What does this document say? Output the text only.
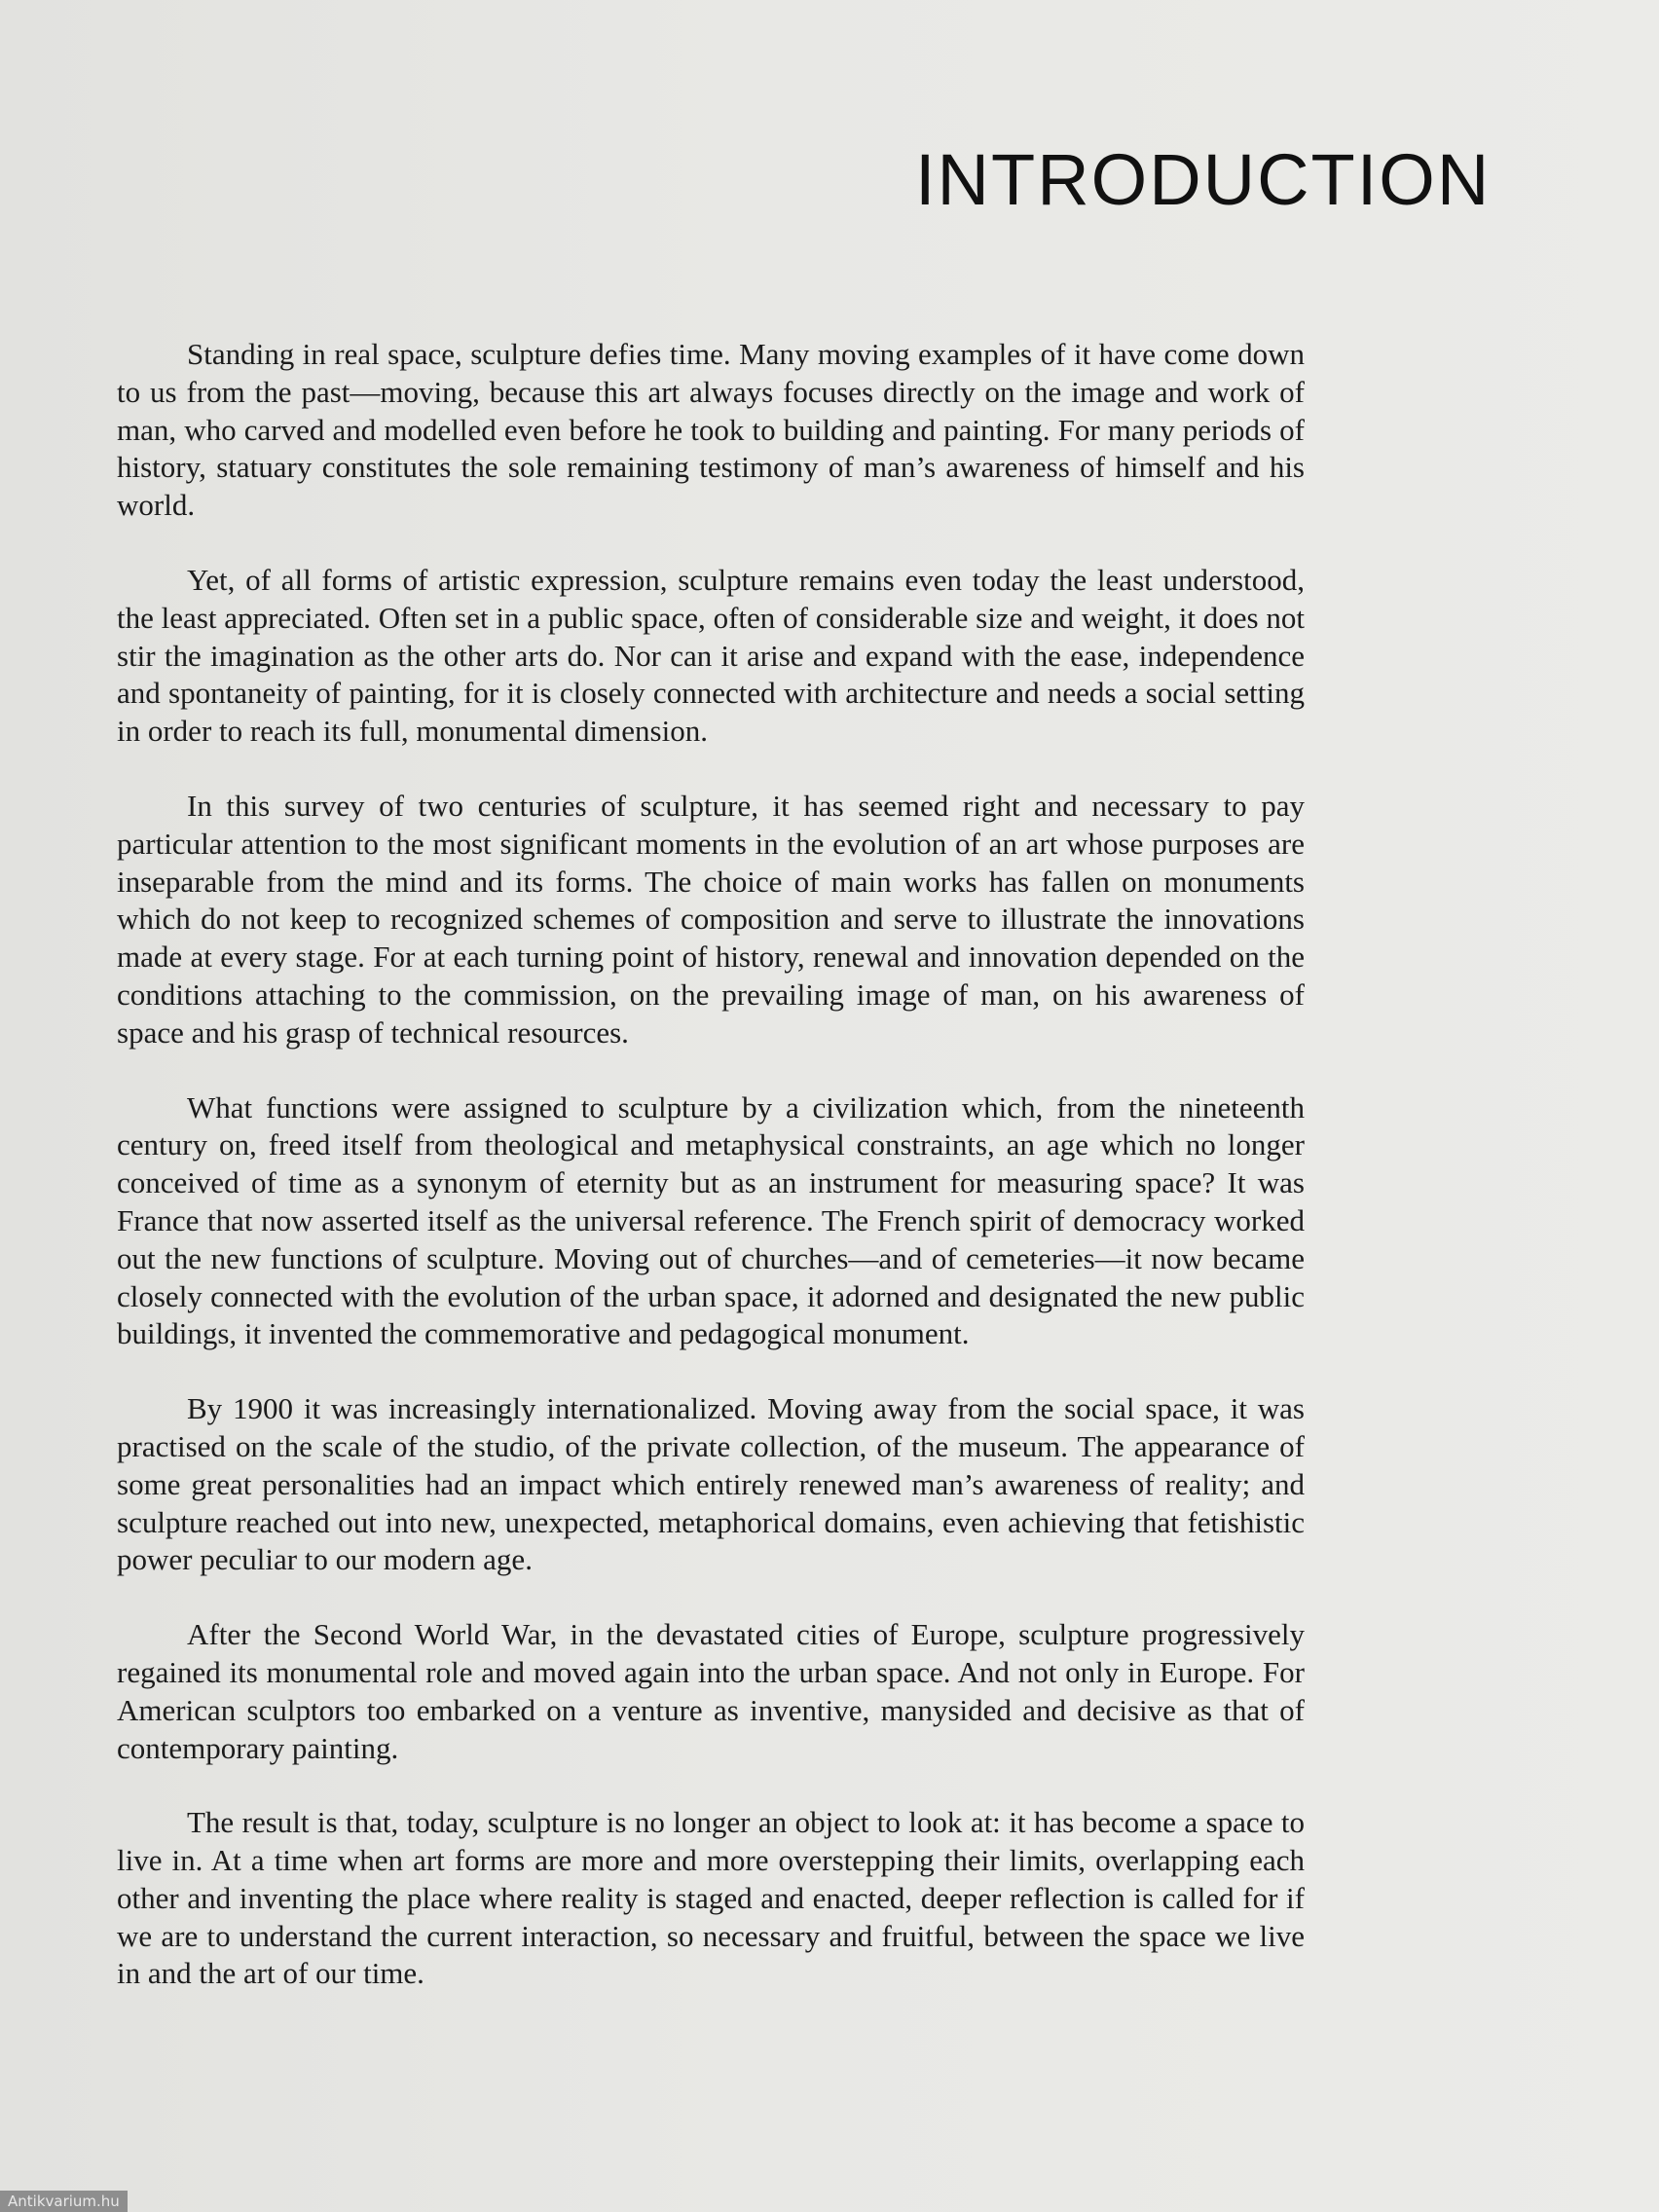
INTRODUCTION

Standing in real space, sculpture defies time. Many moving examples of it have come down to us from the past—moving, because this art always focuses directly on the image and work of man, who carved and modelled even before he took to building and painting. For many periods of history, statuary constitutes the sole remaining testimony of man’s awareness of himself and his world.

Yet, of all forms of artistic expression, sculpture remains even today the least understood, the least appreciated. Often set in a public space, often of considerable size and weight, it does not stir the imagination as the other arts do. Nor can it arise and expand with the ease, independence and spontaneity of painting, for it is closely connected with architecture and needs a social setting in order to reach its full, monumental dimension.

In this survey of two centuries of sculpture, it has seemed right and necessary to pay particular attention to the most significant moments in the evolution of an art whose purposes are inseparable from the mind and its forms. The choice of main works has fallen on monuments which do not keep to recognized schemes of composition and serve to illustrate the innovations made at every stage. For at each turning point of history, renewal and innovation depended on the conditions attaching to the commission, on the prevailing image of man, on his awareness of space and his grasp of technical resources.

What functions were assigned to sculpture by a civilization which, from the nineteenth century on, freed itself from theological and metaphysical constraints, an age which no longer conceived of time as a synonym of eternity but as an instrument for measuring space? It was France that now asserted itself as the universal reference. The French spirit of democracy worked out the new functions of sculpture. Moving out of churches—and of cemeteries—it now became closely connected with the evolution of the urban space, it adorned and designated the new public buildings, it invented the commemorative and pedagogical monument.

By 1900 it was increasingly internationalized. Moving away from the social space, it was practised on the scale of the studio, of the private collection, of the museum. The appearance of some great personalities had an impact which entirely renewed man’s awareness of reality; and sculpture reached out into new, unexpected, metaphorical domains, even achieving that fetishistic power peculiar to our modern age.

After the Second World War, in the devastated cities of Europe, sculpture progressively regained its monumental role and moved again into the urban space. And not only in Europe. For American sculptors too embarked on a venture as inventive, manysided and decisive as that of contemporary painting.

The result is that, today, sculpture is no longer an object to look at: it has become a space to live in. At a time when art forms are more and more overstepping their limits, overlapping each other and inventing the place where reality is staged and enacted, deeper reflection is called for if we are to understand the current interaction, so necessary and fruitful, between the space we live in and the art of our time.

Antikvarium.hu
